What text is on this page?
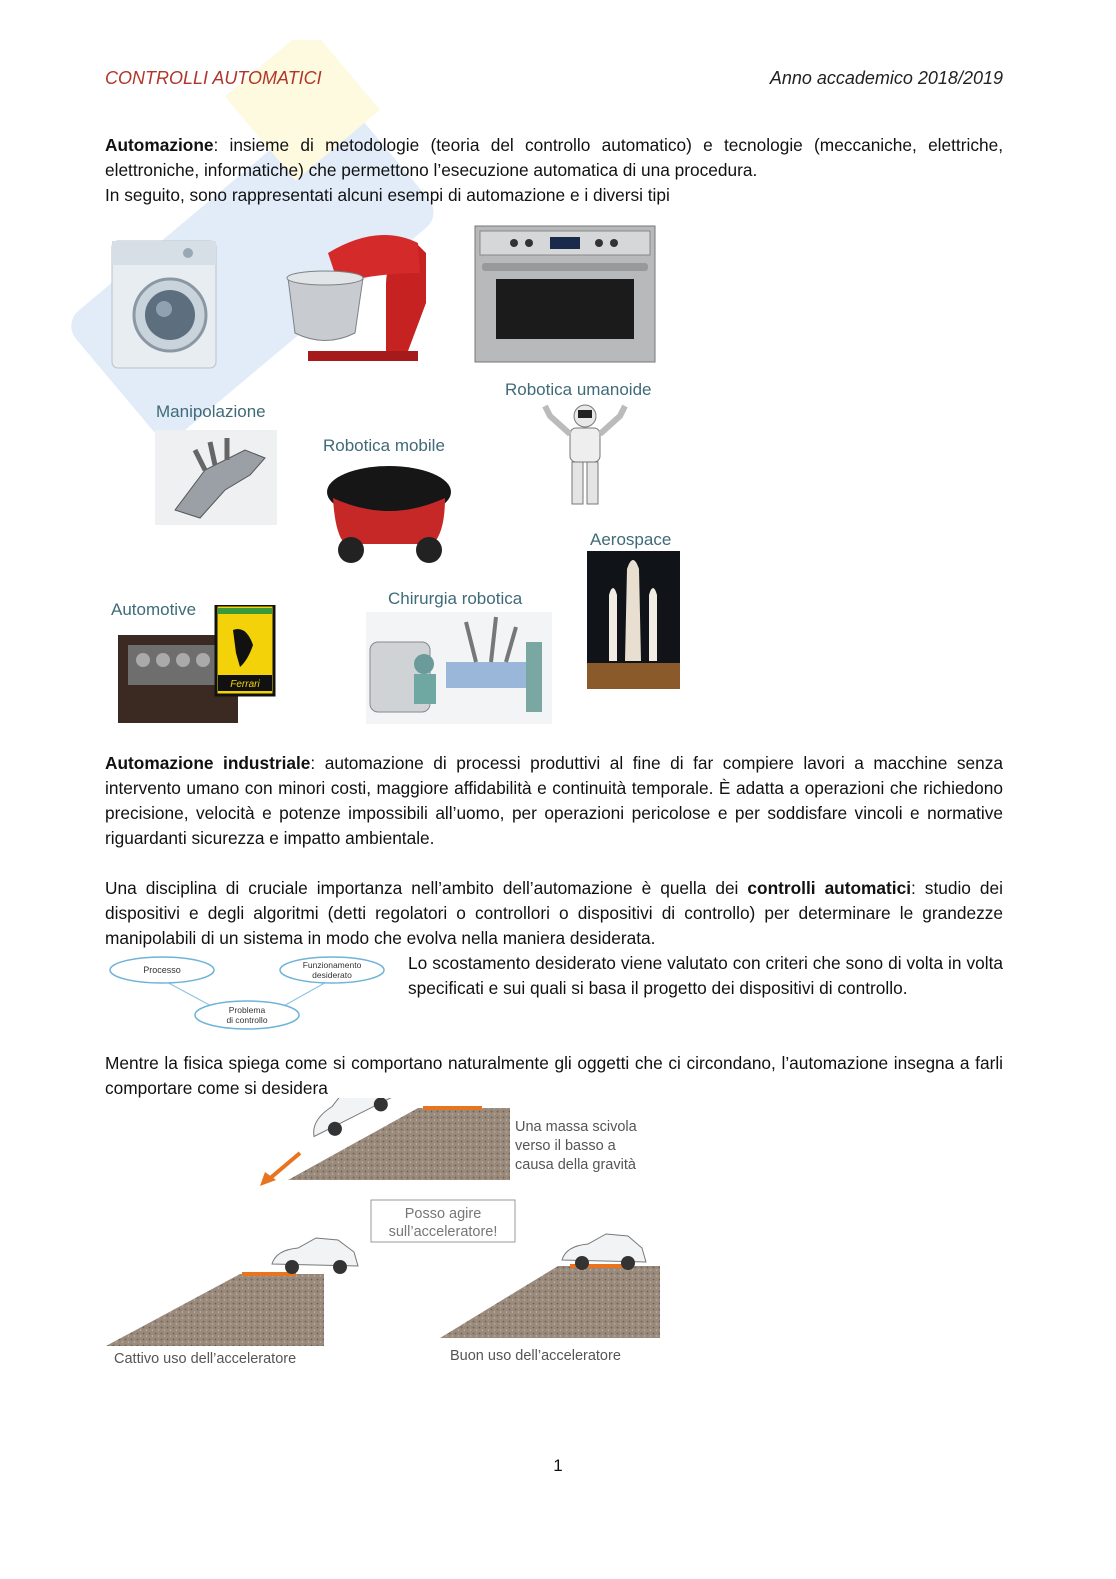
CONTROLLI AUTOMATICI	Anno accademico 2018/2019
Automazione: insieme di metodologie (teoria del controllo automatico) e tecnologie (meccaniche, elettriche, elettroniche, informatiche) che permettono l’esecuzione automatica di una procedura.
In seguito, sono rappresentati alcuni esempi di automazione e i diversi tipi
Manipolazione
Robotica mobile
Robotica umanoide
Aerospace
Automotive
Ferrari
Chirurgia robotica
Automazione industriale: automazione di processi produttivi al fine di far compiere lavori a macchine senza intervento umano con minori costi, maggiore affidabilità e continuità temporale. È adatta a operazioni che richiedono precisione, velocità e potenze impossibili all’uomo, per operazioni pericolose e per soddisfare vincoli e normative riguardanti sicurezza e impatto ambientale.
Una disciplina di cruciale importanza nell’ambito dell’automazione è quella dei controlli automatici: studio dei dispositivi e degli algoritmi (detti regolatori o controllori o dispositivi di controllo) per determinare le grandezze manipolabili di un sistema in modo che evolva nella maniera desiderata.
Processo	Funzionamento
desiderato
Problema
di controllo
Lo scostamento desiderato viene valutato con criteri che sono di volta in volta specificati e sui quali si basa il progetto dei dispositivi di controllo.
Mentre la fisica spiega come si comportano naturalmente gli oggetti che ci circondano, l’automazione insegna a farli comportare come si desidera
Una massa scivola
verso il basso a
causa della gravità
Posso agire
sull’acceleratore!
Cattivo uso dell’acceleratore	Buon uso dell’acceleratore
1
